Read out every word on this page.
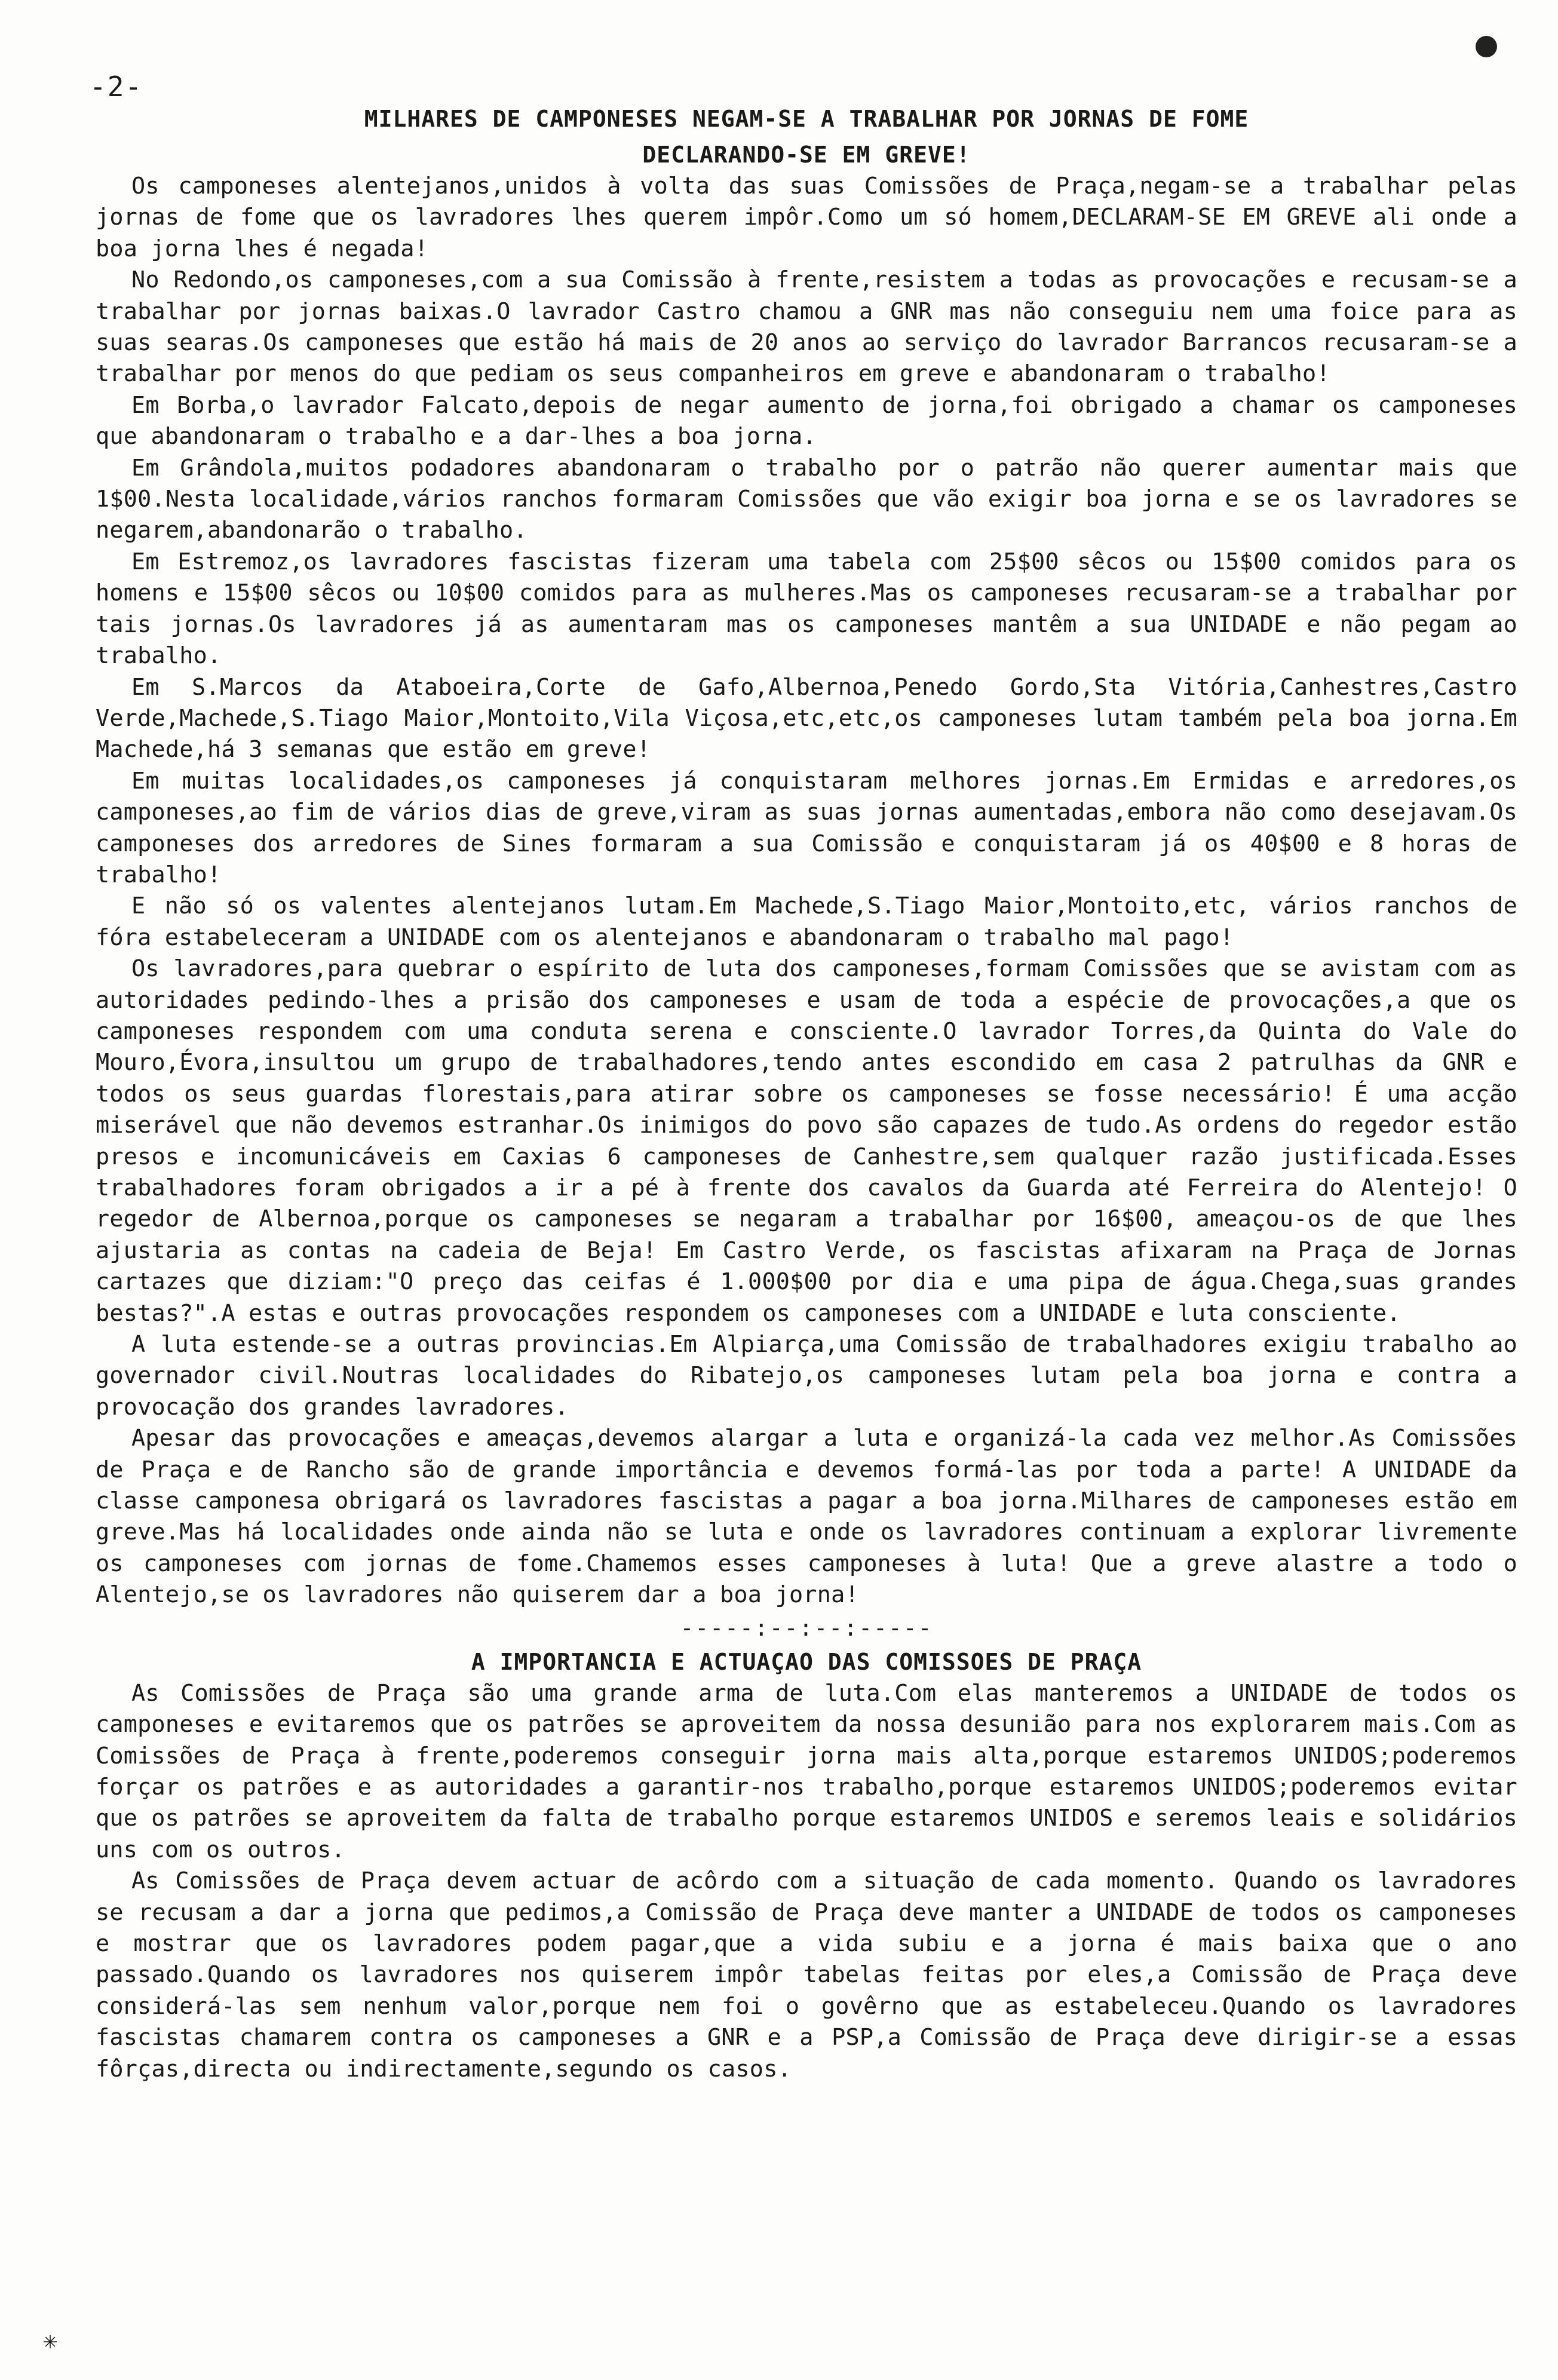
-2-
MILHARES DE CAMPONESES NEGAM-SE A TRABALHAR POR JORNAS DE FOME
DECLARANDO-SE EM GREVE!

Os camponeses alentejanos,unidos à volta das suas Comissões de Praça,negam-se a trabalhar pelas jornas de fome que os lavradores lhes querem impôr.Como um só homem,DECLARAM-SE EM GREVE ali onde a boa jorna lhes é negada!

No Redondo,os camponeses,com a sua Comissão à frente,resistem a todas as provocações e recusam-se a trabalhar por jornas baixas.O lavrador Castro chamou a GNR mas não conseguiu nem uma foice para as suas searas.Os camponeses que estão há mais de 20 anos ao serviço do lavrador Barrancos recusaram-se a trabalhar por menos do que pediam os seus companheiros em greve e abandonaram o trabalho!

Em Borba,o lavrador Falcato,depois de negar aumento de jorna,foi obrigado a chamar os camponeses que abandonaram o trabalho e a dar-lhes a boa jorna.

Em Grândola,muitos podadores abandonaram o trabalho por o patrão não querer aumentar mais que 1$00.Nesta localidade,vários ranchos formaram Comissões que vão exigir boa jorna e se os lavradores se negarem,abandonarão o trabalho.

Em Estremoz,os lavradores fascistas fizeram uma tabela com 25$00 sêcos ou 15$00 comidos para os homens e 15$00 sêcos ou 10$00 comidos para as mulheres.Mas os camponeses recusaram-se a trabalhar por tais jornas.Os lavradores já as aumentaram mas os camponeses mantêm a sua UNIDADE e não pegam ao trabalho.

Em S.Marcos da Ataboeira,Corte de Gafo,Albernoa,Penedo Gordo,Sta Vitória,Canhestres,Castro Verde,Machede,S.Tiago Maior,Montoito,Vila Viçosa,etc,etc,os camponeses lutam também pela boa jorna.Em Machede,há 3 semanas que estão em greve!

Em muitas localidades,os camponeses já conquistaram melhores jornas.Em Ermidas e arredores,os camponeses,ao fim de vários dias de greve,viram as suas jornas aumentadas,embora não como desejavam.Os camponeses dos arredores de Sines formaram a sua Comissão e conquistaram já os 40$00 e 8 horas de trabalho!

E não só os valentes alentejanos lutam.Em Machede,S.Tiago Maior,Montoito,etc, vários ranchos de fóra estabeleceram a UNIDADE com os alentejanos e abandonaram o trabalho mal pago!

Os lavradores,para quebrar o espírito de luta dos camponeses,formam Comissões que se avistam com as autoridades pedindo-lhes a prisão dos camponeses e usam de toda a espécie de provocações,a que os camponeses respondem com uma conduta serena e consciente.O lavrador Torres,da Quinta do Vale do Mouro,Évora,insultou um grupo de trabalhadores,tendo antes escondido em casa 2 patrulhas da GNR e todos os seus guardas florestais,para atirar sobre os camponeses se fosse necessário! É uma acção miserável que não devemos estranhar.Os inimigos do povo são capazes de tudo.As ordens do regedor estão presos e incomunicáveis em Caxias 6 camponeses de Canhestre,sem qualquer razão justificada.Esses trabalhadores foram obrigados a ir a pé à frente dos cavalos da Guarda até Ferreira do Alentejo! O regedor de Albernoa,porque os camponeses se negaram a trabalhar por 16$00, ameaçou-os de que lhes ajustaria as contas na cadeia de Beja! Em Castro Verde, os fascistas afixaram na Praça de Jornas cartazes que diziam:"O preço das ceifas é 1.000$00 por dia e uma pipa de água.Chega,suas grandes bestas?".A estas e outras provocações respondem os camponeses com a UNIDADE e luta consciente.

A luta estende-se a outras provincias.Em Alpiarça,uma Comissão de trabalhadores exigiu trabalho ao governador civil.Noutras localidades do Ribatejo,os camponeses lutam pela boa jorna e contra a provocação dos grandes lavradores.

Apesar das provocações e ameaças,devemos alargar a luta e organizá-la cada vez melhor.As Comissões de Praça e de Rancho são de grande importância e devemos formá-las por toda a parte! A UNIDADE da classe camponesa obrigará os lavradores fascistas a pagar a boa jorna.Milhares de camponeses estão em greve.Mas há localidades onde ainda não se luta e onde os lavradores continuam a explorar livremente os camponeses com jornas de fome.Chamemos esses camponeses à luta! Que a greve alastre a todo o Alentejo,se os lavradores não quiserem dar a boa jorna!

-----:--:--:-----
A IMPORTANCIA E ACTUAÇAO DAS COMISSOES DE PRAÇA

As Comissões de Praça são uma grande arma de luta.Com elas manteremos a UNIDADE de todos os camponeses e evitaremos que os patrões se aproveitem da nossa desunião para nos explorarem mais.Com as Comissões de Praça à frente,poderemos conseguir jorna mais alta,porque estaremos UNIDOS;poderemos forçar os patrões e as autoridades a garantir-nos trabalho,porque estaremos UNIDOS;poderemos evitar que os patrões se aproveitem da falta de trabalho porque estaremos UNIDOS e seremos leais e solidários uns com os outros.

As Comissões de Praça devem actuar de acôrdo com a situação de cada momento. Quando os lavradores se recusam a dar a jorna que pedimos,a Comissão de Praça deve manter a UNIDADE de todos os camponeses e mostrar que os lavradores podem pagar,que a vida subiu e a jorna é mais baixa que o ano passado.Quando os lavradores nos quiserem impôr tabelas feitas por eles,a Comissão de Praça deve considerá-las sem nenhum valor,porque nem foi o govêrno que as estabeleceu.Quando os lavradores fascistas chamarem contra os camponeses a GNR e a PSP,a Comissão de Praça deve dirigir-se a essas fôrças,directa ou indirectamente,segundo os casos.

✳
